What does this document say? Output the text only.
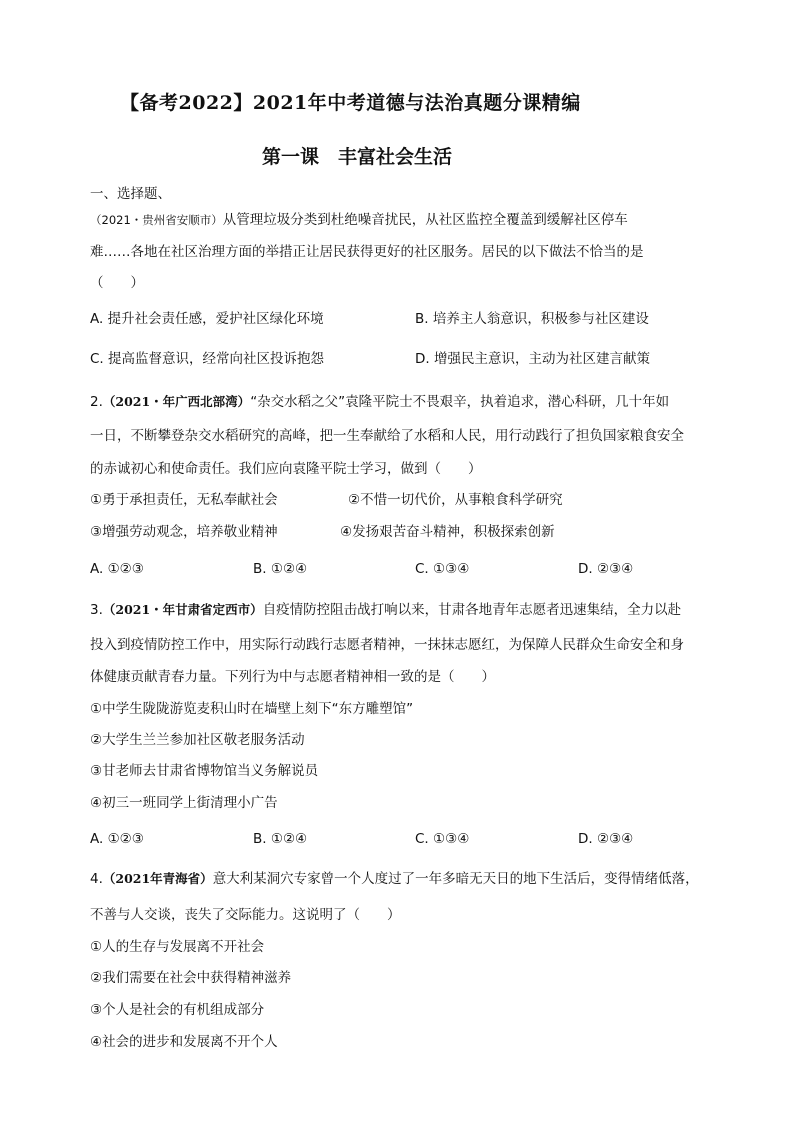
【备考2022】2021年中考道德与法治真题分课精编
第一课　丰富社会生活
一、选择题、
（2021・贵州省安顺市）从管理垃圾分类到杜绝噪音扰民，从社区监控全覆盖到缓解社区停车
难……各地在社区治理方面的举措正让居民获得更好的社区服务。居民的以下做法不恰当的是
（　　）
A. 提升社会责任感，爱护社区绿化环境	B. 培养主人翁意识，积极参与社区建设
C. 提高监督意识，经常向社区投诉抱怨	D. 增强民主意识，主动为社区建言献策
2.（2021・年广西北部湾）“杂交水稻之父”袁隆平院士不畏艰辛，执着追求，潜心科研，几十年如
一日，不断攀登杂交水稻研究的高峰，把一生奉献给了水稻和人民，用行动践行了担负国家粮食安全
的赤诚初心和使命责任。我们应向袁隆平院士学习，做到（　　）
①勇于承担责任，无私奉献社会	②不惜一切代价，从事粮食科学研究
③增强劳动观念，培养敬业精神	④发扬艰苦奋斗精神，积极探索创新
A. ①②③	B. ①②④	C. ①③④	D. ②③④
3.（2021・年甘肃省定西市）自疫情防控阻击战打响以来，甘肃各地青年志愿者迅速集结，全力以赴
投入到疫情防控工作中，用实际行动践行志愿者精神，一抹抹志愿红，为保障人民群众生命安全和身
体健康贡献青春力量。下列行为中与志愿者精神相一致的是（　　）
①中学生陇陇游览麦积山时在墙壁上刻下“东方雕塑馆”
②大学生兰兰参加社区敬老服务活动
③甘老师去甘肃省博物馆当义务解说员
④初三一班同学上街清理小广告
A. ①②③	B. ①②④	C. ①③④	D. ②③④
4.（2021年青海省）意大利某洞穴专家曾一个人度过了一年多暗无天日的地下生活后，变得情绪低落，
不善与人交谈，丧失了交际能力。这说明了（　　）
①人的生存与发展离不开社会
②我们需要在社会中获得精神滋养
③个人是社会的有机组成部分
④社会的进步和发展离不开个人
